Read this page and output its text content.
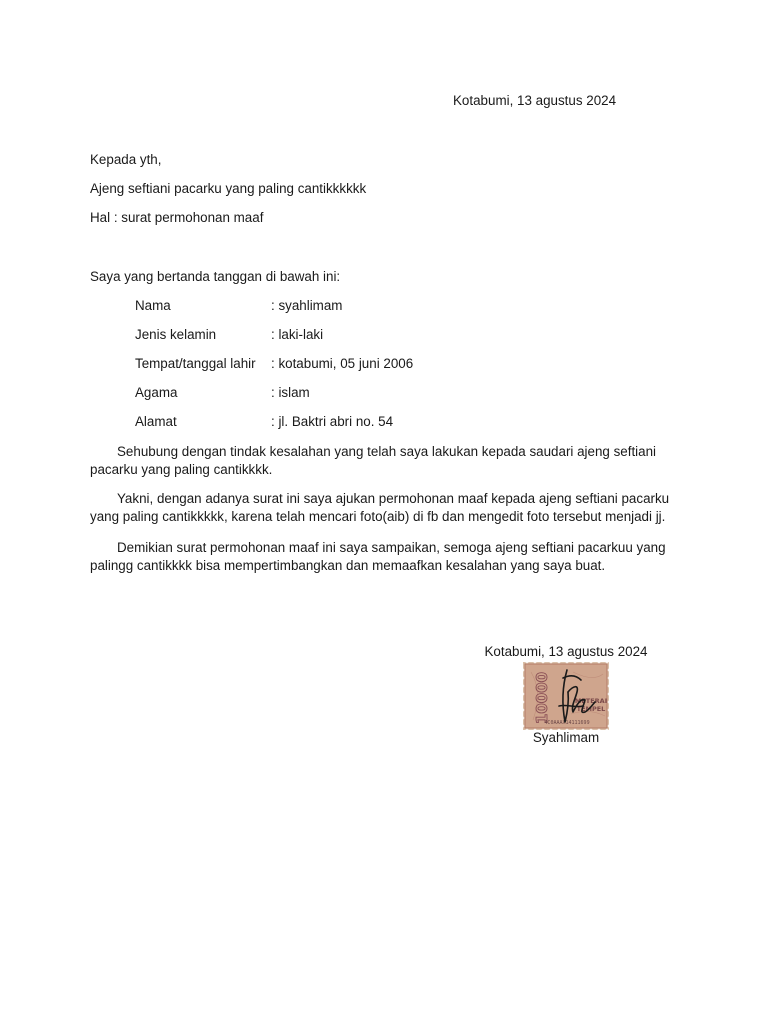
Kotabumi, 13 agustus 2024
Kepada yth,
Ajeng seftiani pacarku yang paling cantikkkkkk
Hal : surat permohonan maaf
Saya yang bertanda tanggan di bawah ini:
Nama	: syahlimam
Jenis kelamin	: laki-laki
Tempat/tanggal lahir : kotabumi, 05 juni 2006
Agama	: islam
Alamat	: jl. Baktri abri no. 54

Sehubung dengan tindak kesalahan yang telah saya lakukan kepada saudari ajeng seftiani pacarku yang paling cantikkkk.

Yakni, dengan adanya surat ini saya ajukan permohonan maaf kepada ajeng seftiani pacarku yang paling cantikkkkk, karena telah mencari foto(aib) di fb dan mengedit foto tersebut menjadi jj.

Demikian surat permohonan maaf ini saya sampaikan, semoga ajeng seftiani pacarkuu yang palingg cantikkkk bisa mempertimbangkan dan memaafkan kesalahan yang saya buat.

Kotabumi, 13 agustus 2024
10000	METERAI
TEMPEL
4C0AAAX14111699
Syahlimam
